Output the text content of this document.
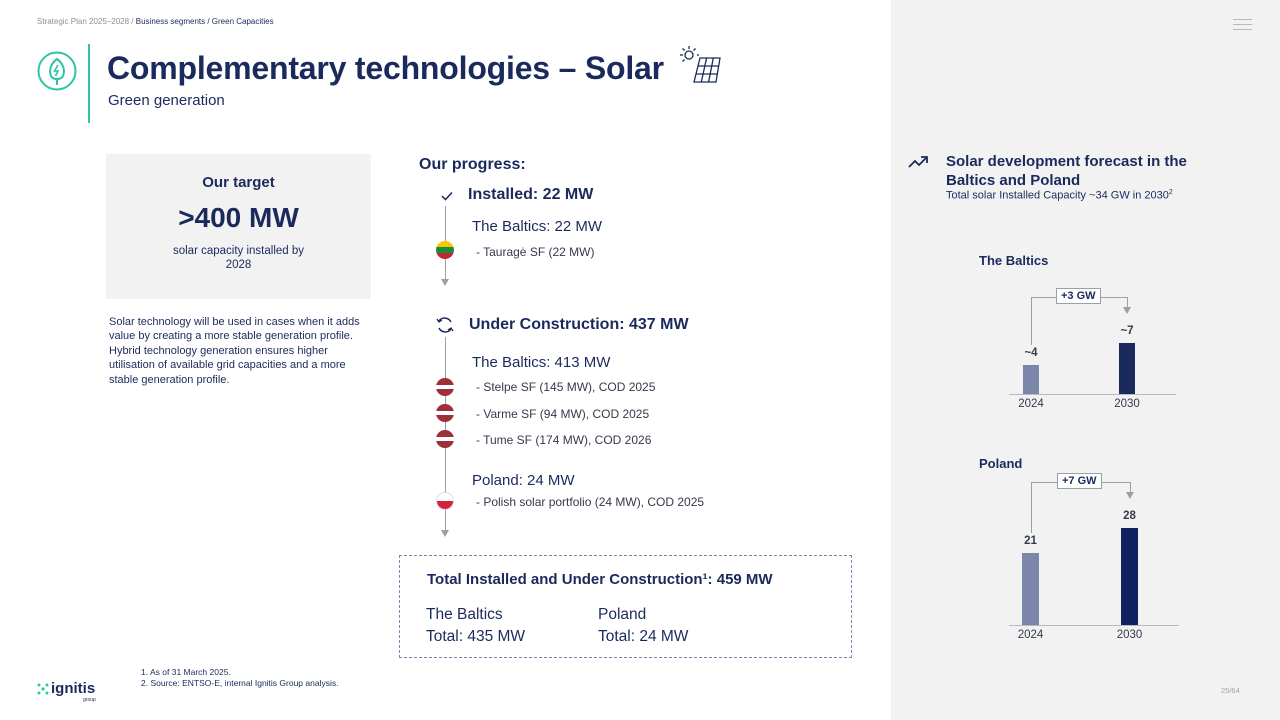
Strategic Plan 2025–2028 / Business segments / Green Capacities
Complementary technologies – Solar
Green generation
Our target
>400 MW
solar capacity installed by 2028
Solar technology will be used in cases when it adds value by creating a more stable generation profile. Hybrid technology generation ensures higher utilisation of available grid capacities and a more stable generation profile.
Our progress:
Installed: 22 MW
The Baltics: 22 MW
- Tauragė SF (22 MW)
Under Construction: 437 MW
The Baltics: 413 MW
- Stelpe SF (145 MW), COD 2025
- Varme SF (94 MW), COD 2025
- Tume SF (174 MW), COD 2026
Poland: 24 MW
- Polish solar portfolio (24 MW), COD 2025
Total Installed and Under Construction¹: 459 MW
The Baltics
Total: 435 MW
Poland
Total: 24 MW
Solar development forecast in the Baltics and Poland
Total solar Installed Capacity ~34 GW in 2030$^2$
The Baltics
~4
2024
~7
2030
+3 GW
Poland
21
2024
28
2030
+7 GW
1. As of 31 March 2025.
2. Source: ENTSO-E, internal Ignitis Group analysis.
ignitis
group
25/64
